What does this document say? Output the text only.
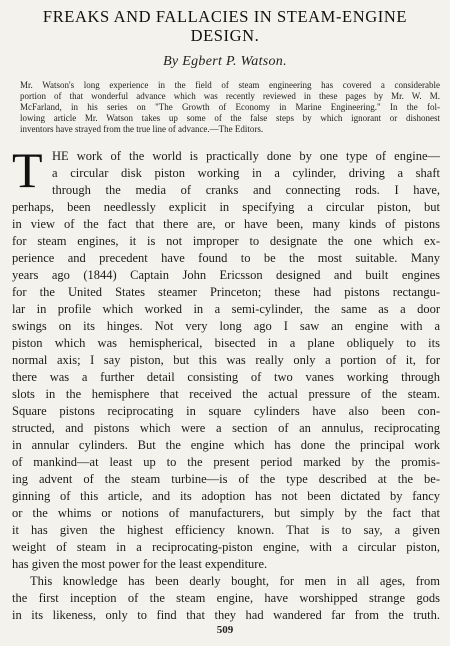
FREAKS AND FALLACIES IN STEAM-ENGINE
DESIGN.
By Egbert P. Watson.
Mr. Watson's long experience in the field of steam engineering has covered a considerable
portion of that wonderful advance which was recently reviewed in these pages by Mr. W. M.
McFarland, in his series on "The Growth of Economy in Marine Engineering." In the fol-
lowing article Mr. Watson takes up some of the false steps by which ignorant or dishonest
inventors have strayed from the true line of advance.—The Editors.
T HE work of the world is practically done by one type of engine—
a circular disk piston working in a cylinder, driving a shaft
through the media of cranks and connecting rods. I have,
perhaps, been needlessly explicit in specifying a circular piston, but
in view of the fact that there are, or have been, many kinds of pistons
for steam engines, it is not improper to designate the one which ex-
perience and precedent have found to be the most suitable. Many
years ago (1844) Captain John Ericsson designed and built engines
for the United States steamer Princeton; these had pistons rectangu-
lar in profile which worked in a semi-cylinder, the same as a door
swings on its hinges. Not very long ago I saw an engine with a
piston which was hemispherical, bisected in a plane obliquely to its
normal axis; I say piston, but this was really only a portion of it, for
there was a further detail consisting of two vanes working through
slots in the hemisphere that received the actual pressure of the steam.
Square pistons reciprocating in square cylinders have also been con-
structed, and pistons which were a section of an annulus, reciprocating
in annular cylinders. But the engine which has done the principal work
of mankind—at least up to the present period marked by the promis-
ing advent of the steam turbine—is of the type described at the be-
ginning of this article, and its adoption has not been dictated by fancy
or the whims or notions of manufacturers, but simply by the fact that
it has given the highest efficiency known. That is to say, a given
weight of steam in a reciprocating-piston engine, with a circular piston,
has given the most power for the least expenditure.
This knowledge has been dearly bought, for men in all ages, from
the first inception of the steam engine, have worshipped strange gods
in its likeness, only to find that they had wandered far from the truth.
509
